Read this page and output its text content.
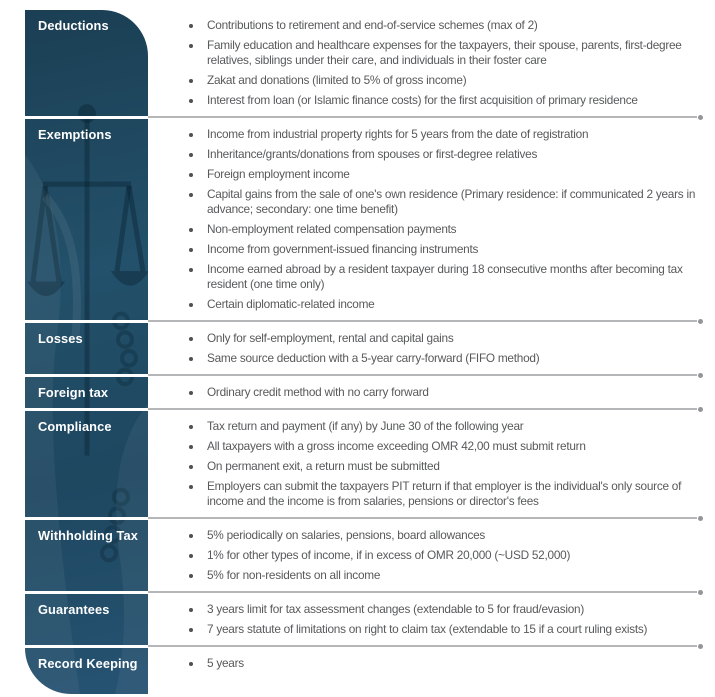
Deductions	Contributions to retirement and end-of-service schemes (max of 2)
Family education and healthcare expenses for the taxpayers, their spouse, parents, first-degree relatives, siblings under their care, and individuals in their foster care
Zakat and donations (limited to 5% of gross income)
Interest from loan (or Islamic finance costs) for the first acquisition of primary residence
Exemptions	Income from industrial property rights for 5 years from the date of registration
Inheritance/grants/donations from spouses or first-degree relatives
Foreign employment income
Capital gains from the sale of one's own residence (Primary residence: if communicated 2 years in advance; secondary: one time benefit)
Non-employment related compensation payments
Income from government-issued financing instruments
Income earned abroad by a resident taxpayer during 18 consecutive months after becoming tax resident (one time only)
Certain diplomatic-related income
Losses	Only for self-employment, rental and capital gains
Same source deduction with a 5-year carry-forward (FIFO method)
Foreign tax	Ordinary credit method with no carry forward
Compliance	Tax return and payment (if any) by June 30 of the following year
All taxpayers with a gross income exceeding OMR 42,00 must submit return
On permanent exit, a return must be submitted
Employers can submit the taxpayers PIT return if that employer is the individual's only source of income and the income is from salaries, pensions or director's fees
Withholding Tax	5% periodically on salaries, pensions, board allowances
1% for other types of income, if in excess of OMR 20,000 (~USD 52,000)
5% for non-residents on all income
Guarantees	3 years limit for tax assessment changes (extendable to 5 for fraud/evasion)
7 years statute of limitations on right to claim tax (extendable to 15 if a court ruling exists)
Record Keeping	5 years
